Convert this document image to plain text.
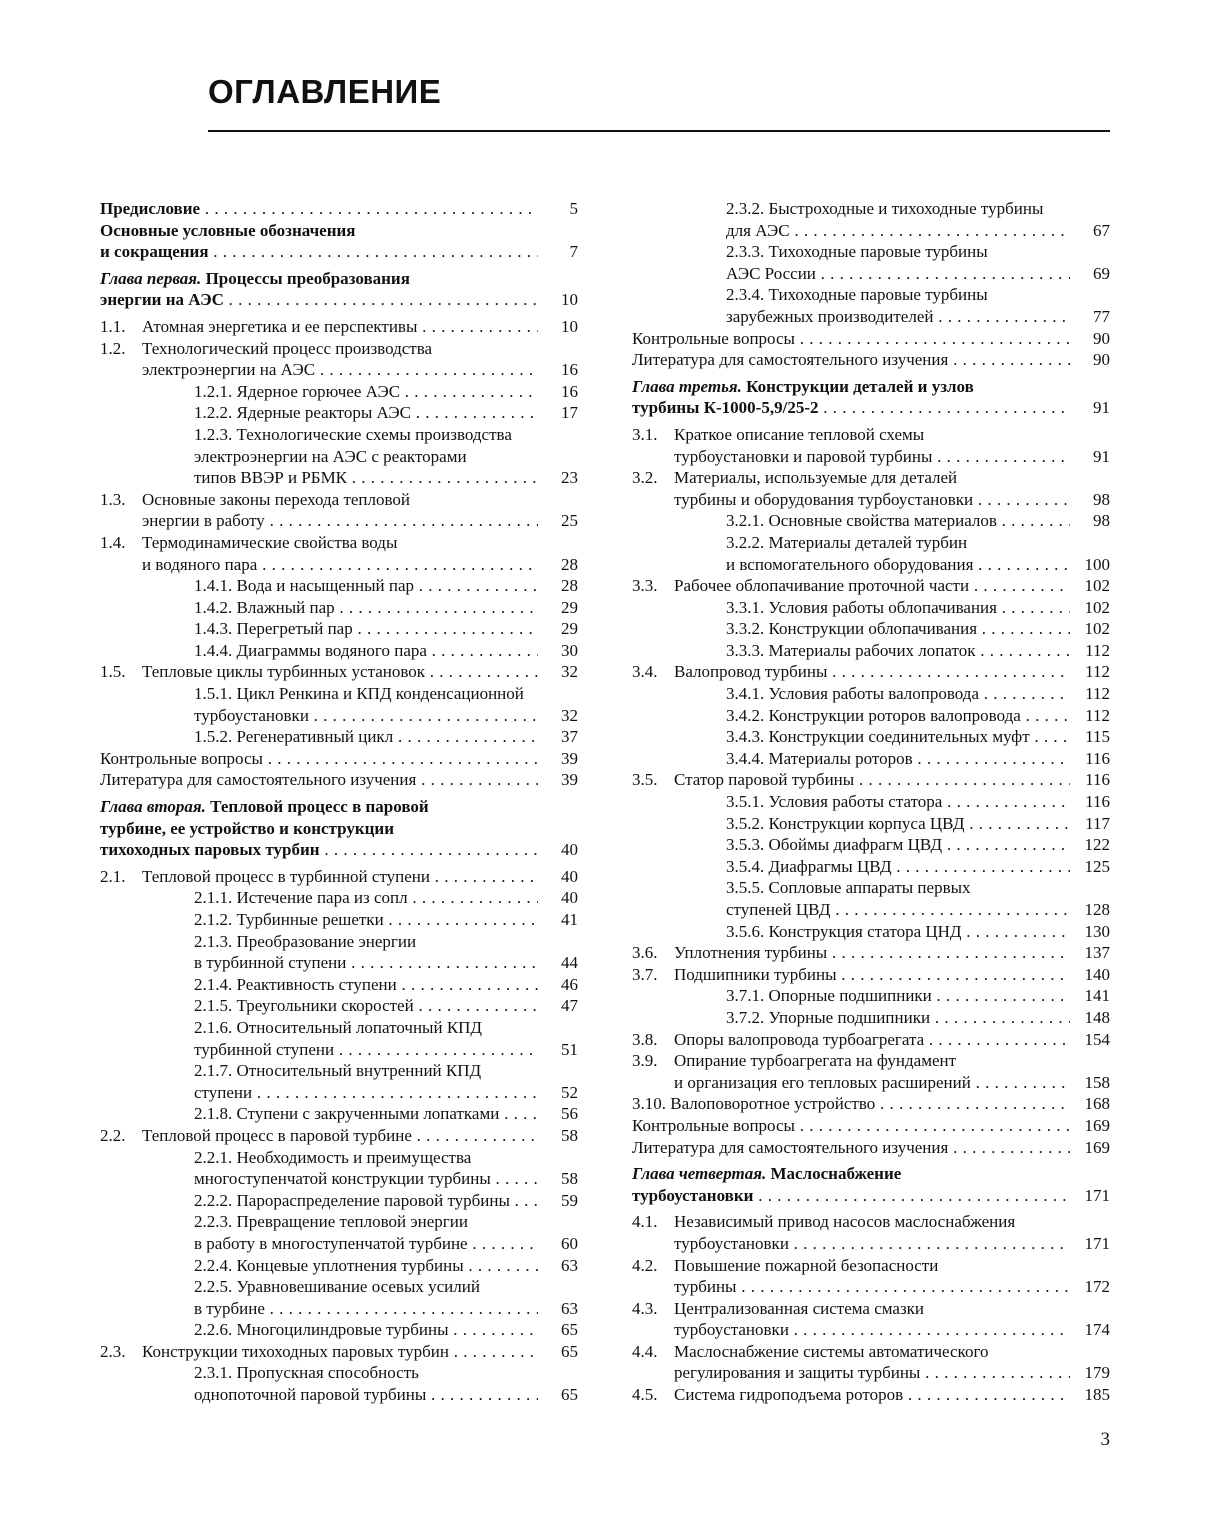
ОГЛАВЛЕНИЕ
Предисловие . . .	5
Основные условные обозначения
и сокращения . . .	7
Глава первая. Процессы преобразования
энергии на АЭС . . .	10
1.1. Атомная энергетика и ее перспективы . . .	10
1.2. Технологический процесс производства
электроэнергии на АЭС . . .	16
1.2.1. Ядерное горючее АЭС . . .	16
1.2.2. Ядерные реакторы АЭС . . .	17
1.2.3. Технологические схемы производства
электроэнергии на АЭС с реакторами
типов ВВЭР и РБМК . . .	23
1.3. Основные законы перехода тепловой
энергии в работу . . .	25
1.4. Термодинамические свойства воды
и водяного пара . . .	28
1.4.1. Вода и насыщенный пар . . .	28
1.4.2. Влажный пар . . .	29
1.4.3. Перегретый пар . . .	29
1.4.4. Диаграммы водяного пара . . .	30
1.5. Тепловые циклы турбинных установок . . .	32
1.5.1. Цикл Ренкина и КПД конденсационной
турбоустановки . . .	32
1.5.2. Регенеративный цикл . . .	37
Контрольные вопросы . . .	39
Литература для самостоятельного изучения . . .	39
Глава вторая. Тепловой процесс в паровой
турбине, ее устройство и конструкции
тихоходных паровых турбин . . .	40
2.1. Тепловой процесс в турбинной ступени . . .	40
2.1.1. Истечение пара из сопл . . .	40
2.1.2. Турбинные решетки . . .	41
2.1.3. Преобразование энергии
в турбинной ступени . . .	44
2.1.4. Реактивность ступени . . .	46
2.1.5. Треугольники скоростей . . .	47
2.1.6. Относительный лопаточный КПД
турбинной ступени . . .	51
2.1.7. Относительный внутренний КПД
ступени . . .	52
2.1.8. Ступени с закрученными лопатками . . .	56
2.2. Тепловой процесс в паровой турбине . . .	58
2.2.1. Необходимость и преимущества
многоступенчатой конструкции турбины . . .	58
2.2.2. Парораспределение паровой турбины . . .	59
2.2.3. Превращение тепловой энергии
в работу в многоступенчатой турбине . . .	60
2.2.4. Концевые уплотнения турбины . . .	63
2.2.5. Уравновешивание осевых усилий
в турбине . . .	63
2.2.6. Многоцилиндровые турбины . . .	65
2.3. Конструкции тихоходных паровых турбин . . .	65
2.3.1. Пропускная способность
однопоточной паровой турбины . . .	65
2.3.2. Быстроходные и тихоходные турбины
для АЭС . . .	67
2.3.3. Тихоходные паровые турбины
АЭС России . . .	69
2.3.4. Тихоходные паровые турбины
зарубежных производителей . . .	77
Контрольные вопросы . . .	90
Литература для самостоятельного изучения . . .	90
Глава третья. Конструкции деталей и узлов
турбины К-1000-5,9/25-2 . . .	91
3.1. Краткое описание тепловой схемы
турбоустановки и паровой турбины . . .	91
3.2. Материалы, используемые для деталей
турбины и оборудования турбоустановки . . .	98
3.2.1. Основные свойства материалов . . .	98
3.2.2. Материалы деталей турбин
и вспомогательного оборудования . . .	100
3.3. Рабочее облопачивание проточной части . . .	102
3.3.1. Условия работы облопачивания . . .	102
3.3.2. Конструкции облопачивания . . .	102
3.3.3. Материалы рабочих лопаток . . .	112
3.4. Валопровод турбины . . .	112
3.4.1. Условия работы валопровода . . .	112
3.4.2. Конструкции роторов валопровода . . .	112
3.4.3. Конструкции соединительных муфт . . .	115
3.4.4. Материалы роторов . . .	116
3.5. Статор паровой турбины . . .	116
3.5.1. Условия работы статора . . .	116
3.5.2. Конструкции корпуса ЦВД . . .	117
3.5.3. Обоймы диафрагм ЦВД . . .	122
3.5.4. Диафрагмы ЦВД . . .	125
3.5.5. Сопловые аппараты первых
ступеней ЦВД . . .	128
3.5.6. Конструкция статора ЦНД . . .	130
3.6. Уплотнения турбины . . .	137
3.7. Подшипники турбины . . .	140
3.7.1. Опорные подшипники . . .	141
3.7.2. Упорные подшипники . . .	148
3.8. Опоры валопровода турбоагрегата . . .	154
3.9. Опирание турбоагрегата на фундамент
и организация его тепловых расширений . . .	158
3.10. Валоповоротное устройство . . .	168
Контрольные вопросы . . .	169
Литература для самостоятельного изучения . . .	169
Глава четвертая. Маслоснабжение
турбоустановки . . .	171
4.1. Независимый привод насосов маслоснабжения
турбоустановки . . .	171
4.2. Повышение пожарной безопасности
турбины . . .	172
4.3. Централизованная система смазки
турбоустановки . . .	174
4.4. Маслоснабжение системы автоматического
регулирования и защиты турбины . . .	179
4.5. Система гидроподъема роторов . . .	185
3
